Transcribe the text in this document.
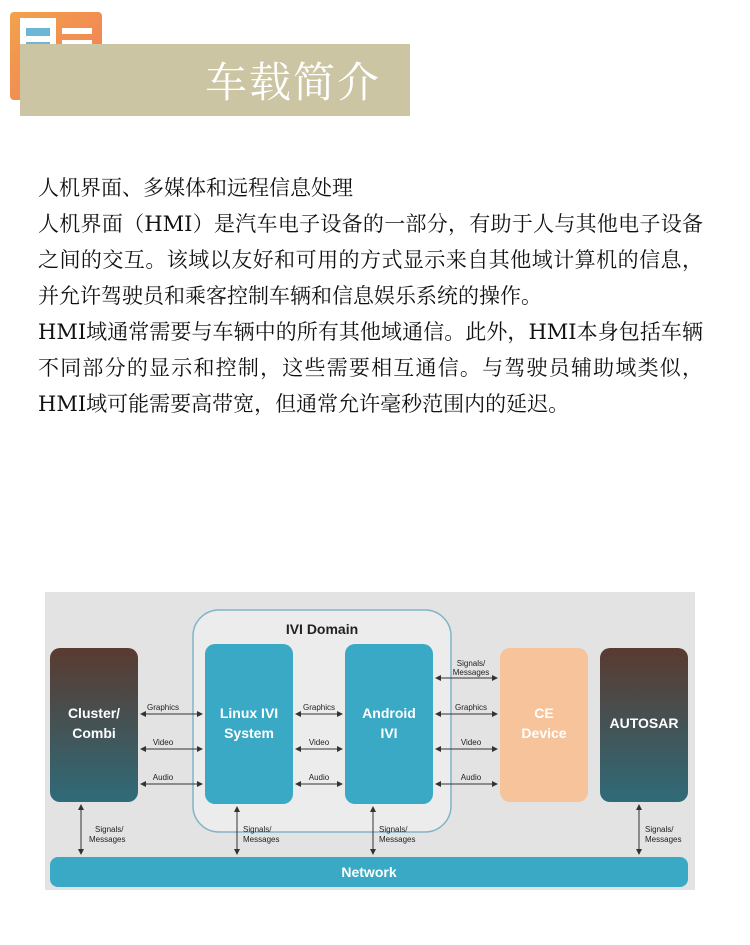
车载简介

人机界面、多媒体和远程信息处理

人机界面（HMI）是汽车电子设备的一部分，有助于人与其他电子设备之间的交互。该域以友好和可用的方式显示来自其他域计算机的信息，并允许驾驶员和乘客控制车辆和信息娱乐系统的操作。

HMI域通常需要与车辆中的所有其他域通信。此外，HMI本身包括车辆不同部分的显示和控制，这些需要相互通信。与驾驶员辅助域类似，HMI域可能需要高带宽，但通常允许毫秒范围内的延迟。

IVI Domain
Cluster/
Combi
Linux IVI
System
Android
IVI
CE
Device
AUTOSAR
Network
Graphics
Video
Audio
Graphics
Video
Audio
Signals/
Messages
Graphics
Video
Audio
Signals/
Messages
Signals/
Messages
Signals/
Messages
Signals/
Messages
